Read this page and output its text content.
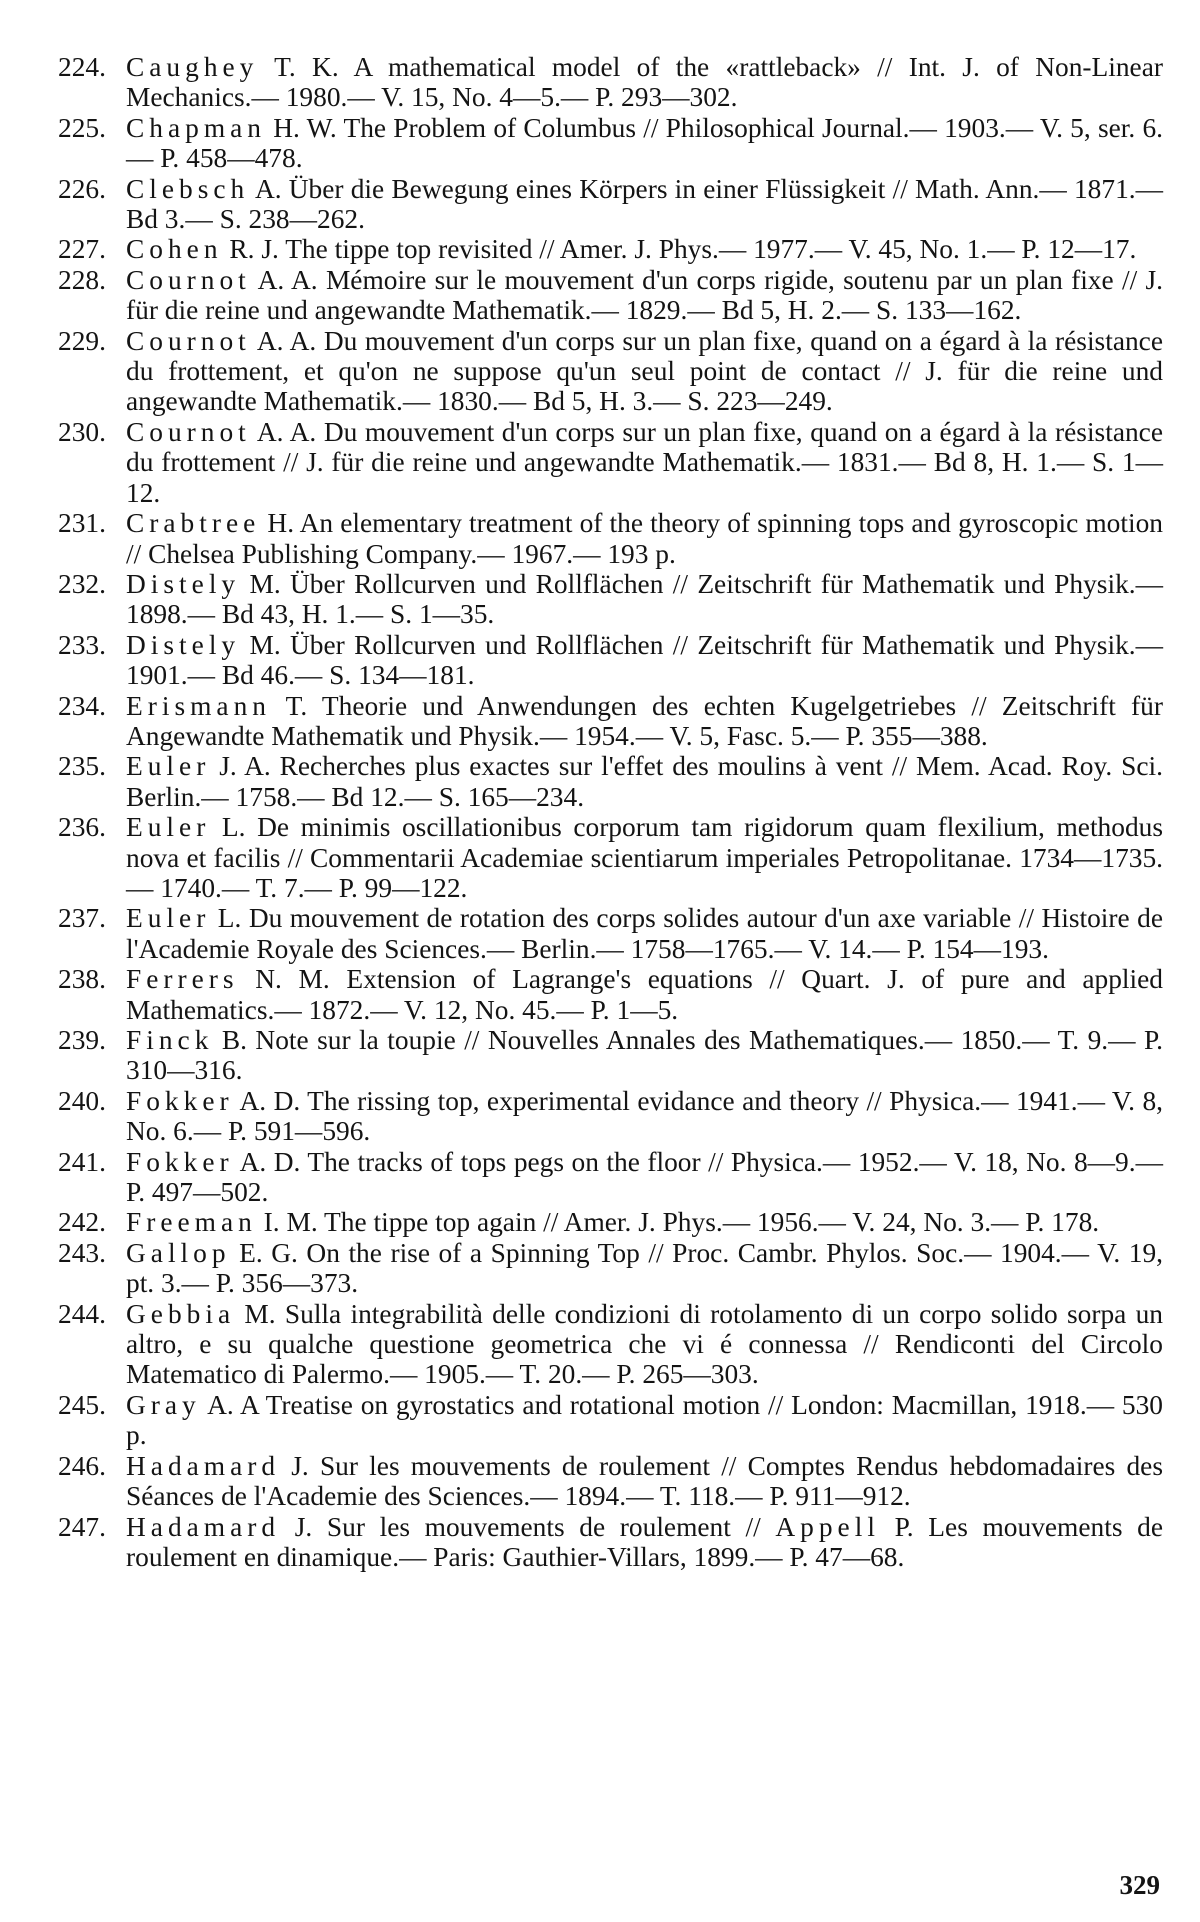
224. Caughey T. K. A mathematical model of the «rattleback» // Int. J. of Non-Linear Mechanics.— 1980.— V. 15, No. 4—5.— P. 293—302.

225. Chapman H. W. The Problem of Columbus // Philosophical Journal.— 1903.— V. 5, ser. 6.— P. 458—478.

226. Clebsch A. Über die Bewegung eines Körpers in einer Flüssigkeit // Math. Ann.— 1871.— Bd 3.— S. 238—262.

227. Cohen R. J. The tippe top revisited // Amer. J. Phys.— 1977.— V. 45, No. 1.— P. 12—17.

228. Cournot A. A. Mémoire sur le mouvement d'un corps rigide, soutenu par un plan fixe // J. für die reine und angewandte Mathematik.— 1829.— Bd 5, H. 2.— S. 133—162.

229. Cournot A. A. Du mouvement d'un corps sur un plan fixe, quand on a égard à la résistance du frottement, et qu'on ne suppose qu'un seul point de contact // J. für die reine und angewandte Mathematik.— 1830.— Bd 5, H. 3.— S. 223—249.

230. Cournot A. A. Du mouvement d'un corps sur un plan fixe, quand on a égard à la résistance du frottement // J. für die reine und angewandte Mathematik.— 1831.— Bd 8, H. 1.— S. 1—12.

231. Crabtree H. An elementary treatment of the theory of spinning tops and gyroscopic motion // Chelsea Publishing Company.— 1967.— 193 p.

232. Distely M. Über Rollcurven und Rollflächen // Zeitschrift für Mathematik und Physik.— 1898.— Bd 43, H. 1.— S. 1—35.

233. Distely M. Über Rollcurven und Rollflächen // Zeitschrift für Mathematik und Physik.— 1901.— Bd 46.— S. 134—181.

234. Erismann T. Theorie und Anwendungen des echten Kugelgetriebes // Zeitschrift für Angewandte Mathematik und Physik.— 1954.— V. 5, Fasc. 5.— P. 355—388.

235. Euler J. A. Recherches plus exactes sur l'effet des moulins à vent // Mem. Acad. Roy. Sci. Berlin.— 1758.— Bd 12.— S. 165—234.

236. Euler L. De minimis oscillationibus corporum tam rigidorum quam flexilium, methodus nova et facilis // Commentarii Academiae scientiarum imperiales Petropolitanae. 1734—1735.— 1740.— T. 7.— P. 99—122.

237. Euler L. Du mouvement de rotation des corps solides autour d'un axe variable // Histoire de l'Academie Royale des Sciences.— Berlin.— 1758—1765.— V. 14.— P. 154—193.

238. Ferrers N. M. Extension of Lagrange's equations // Quart. J. of pure and applied Mathematics.— 1872.— V. 12, No. 45.— P. 1—5.

239. Finck B. Note sur la toupie // Nouvelles Annales des Mathematiques.— 1850.— T. 9.— P. 310—316.

240. Fokker A. D. The rissing top, experimental evidance and theory // Physica.— 1941.— V. 8, No. 6.— P. 591—596.

241. Fokker A. D. The tracks of tops pegs on the floor // Physica.— 1952.— V. 18, No. 8—9.— P. 497—502.

242. Freeman I. M. The tippe top again // Amer. J. Phys.— 1956.— V. 24, No. 3.— P. 178.

243. Gallop E. G. On the rise of a Spinning Top // Proc. Cambr. Phylos. Soc.— 1904.— V. 19, pt. 3.— P. 356—373.

244. Gebbia M. Sulla integrabilità delle condizioni di rotolamento di un corpo solido sorpa un altro, e su qualche questione geometrica che vi é connessa // Rendiconti del Circolo Matematico di Palermo.— 1905.— T. 20.— P. 265—303.

245. Gray A. A Treatise on gyrostatics and rotational motion // London: Macmillan, 1918.— 530 p.

246. Hadamard J. Sur les mouvements de roulement // Comptes Rendus hebdomadaires des Séances de l'Academie des Sciences.— 1894.— T. 118.— P. 911—912.

247. Hadamard J. Sur les mouvements de roulement // Appell P. Les mouvements de roulement en dinamique.— Paris: Gauthier-Villars, 1899.— P. 47—68.

329
